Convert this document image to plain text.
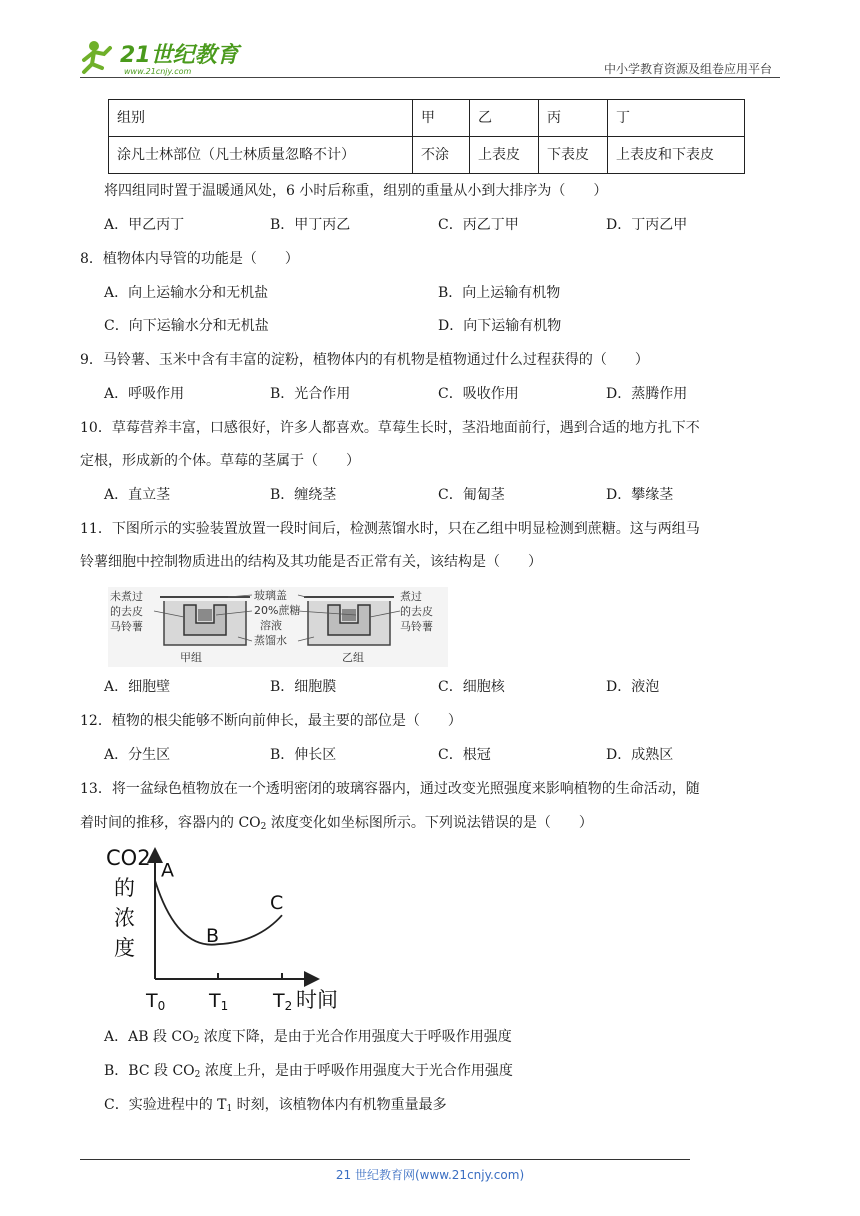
21世纪教育
www.21cnjy.com	中小学教育资源及组卷应用平台
组别	甲	乙	丙	丁
涂凡士林部位（凡士林质量忽略不计）	不涂	上表皮	下表皮	上表皮和下表皮
将四组同时置于温暖通风处，6 小时后称重，组别的重量从小到大排序为（　　）
A．甲乙丙丁	B．甲丁丙乙	C．丙乙丁甲	D．丁丙乙甲
8．植物体内导管的功能是（　　）
A．向上运输水分和无机盐	B．向上运输有机物
C．向下运输水分和无机盐	D．向下运输有机物
9．马铃薯、玉米中含有丰富的淀粉，植物体内的有机物是植物通过什么过程获得的（　　）
A．呼吸作用	B．光合作用	C．吸收作用	D．蒸腾作用
10．草莓营养丰富，口感很好，许多人都喜欢。草莓生长时，茎沿地面前行，遇到合适的地方扎下不
定根，形成新的个体。草莓的茎属于（　　）
A．直立茎	B．缠绕茎	C．匍匐茎	D．攀缘茎
11．下图所示的实验装置放置一段时间后，检测蒸馏水时，只在乙组中明显检测到蔗糖。这与两组马
铃薯细胞中控制物质进出的结构及其功能是否正常有关，该结构是（　　）
未煮过
的去皮
马铃薯
煮过
的去皮
马铃薯
玻璃盖
20%蔗糖
溶液
蒸馏水
甲组	乙组
A．细胞壁	B．细胞膜	C．细胞核	D．液泡
12．植物的根尖能够不断向前伸长，最主要的部位是（　　）
A．分生区	B．伸长区	C．根冠	D．成熟区
13．将一盆绿色植物放在一个透明密闭的玻璃容器内，通过改变光照强度来影响植物的生命活动，随
着时间的推移，容器内的 $CO_2$ 浓度变化如坐标图所示。下列说法错误的是（　　）
CO2
的
浓
度
T0 T1 T2
A
B
C
时间
A．AB 段 $CO_2$ 浓度下降，是由于光合作用强度大于呼吸作用强度
B．BC 段 $CO_2$ 浓度上升，是由于呼吸作用强度大于光合作用强度
C．实验进程中的 $T_1$ 时刻，该植物体内有机物重量最多
21 世纪教育网(www.21cnjy.com)
